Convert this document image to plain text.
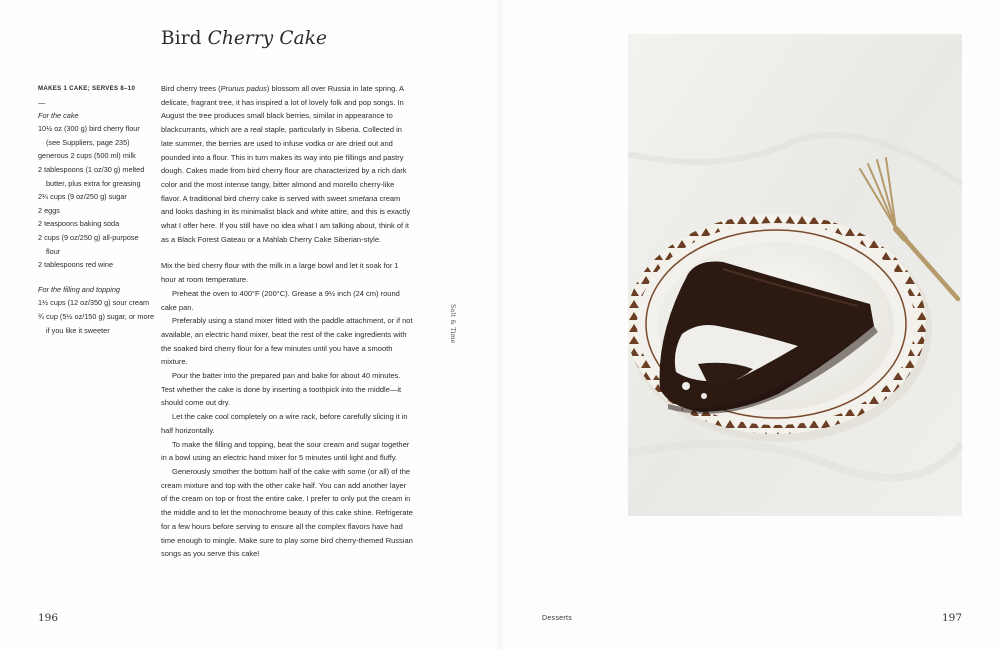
Bird Cherry Cake
MAKES 1 CAKE; SERVES 8–10
—
For the cake
10½ oz (300 g) bird cherry flour (see Suppliers, page 235)
generous 2 cups (500 ml) milk
2 tablespoons (1 oz/30 g) melted butter, plus extra for greasing
2¼ cups (9 oz/250 g) sugar
2 eggs
2 teaspoons baking soda
2 cups (9 oz/250 g) all-purpose flour
2 tablespoons red wine
For the filling and topping
1½ cups (12 oz/350 g) sour cream
¾ cup (5½ oz/150 g) sugar, or more if you like it sweeter

Bird cherry trees (Prunus padus) blossom all over Russia in late spring. A delicate, fragrant tree, it has inspired a lot of lovely folk and pop songs. In August the tree produces small black berries, similar in appearance to blackcurrants, which are a real staple, particularly in Siberia. Collected in late summer, the berries are used to infuse vodka or are dried out and pounded into a flour. This in turn makes its way into pie fillings and pastry dough. Cakes made from bird cherry flour are characterized by a rich dark color and the most intense tangy, bitter almond and morello cherry-like flavor. A traditional bird cherry cake is served with sweet smetana cream and looks dashing in its minimalist black and white attire, and this is exactly what I offer here. If you still have no idea what I am talking about, think of it as a Black Forest Gateau or a Mahlab Cherry Cake Siberian-style.

Mix the bird cherry flour with the milk in a large bowl and let it soak for 1 hour at room temperature.

Preheat the oven to 400°F (200°C). Grease a 9½ inch (24 cm) round cake pan.

Preferably using a stand mixer fitted with the paddle attachment, or if not available, an electric hand mixer, beat the rest of the cake ingredients with the soaked bird cherry flour for a few minutes until you have a smooth mixture.

Pour the batter into the prepared pan and bake for about 40 minutes. Test whether the cake is done by inserting a toothpick into the middle—it should come out dry.

Let the cake cool completely on a wire rack, before carefully slicing it in half horizontally.

To make the filling and topping, beat the sour cream and sugar together in a bowl using an electric hand mixer for 5 minutes until light and fluffy.

Generously smother the bottom half of the cake with some (or all) of the cream mixture and top with the other cake half. You can add another layer of the cream on top or frost the entire cake. I prefer to only put the cream in the middle and to let the monochrome beauty of this cake shine. Refrigerate for a few hours before serving to ensure all the complex flavors have had time enough to mingle. Make sure to play some bird cherry-themed Russian songs as you serve this cake!

Salt & Time
196	Desserts	197
